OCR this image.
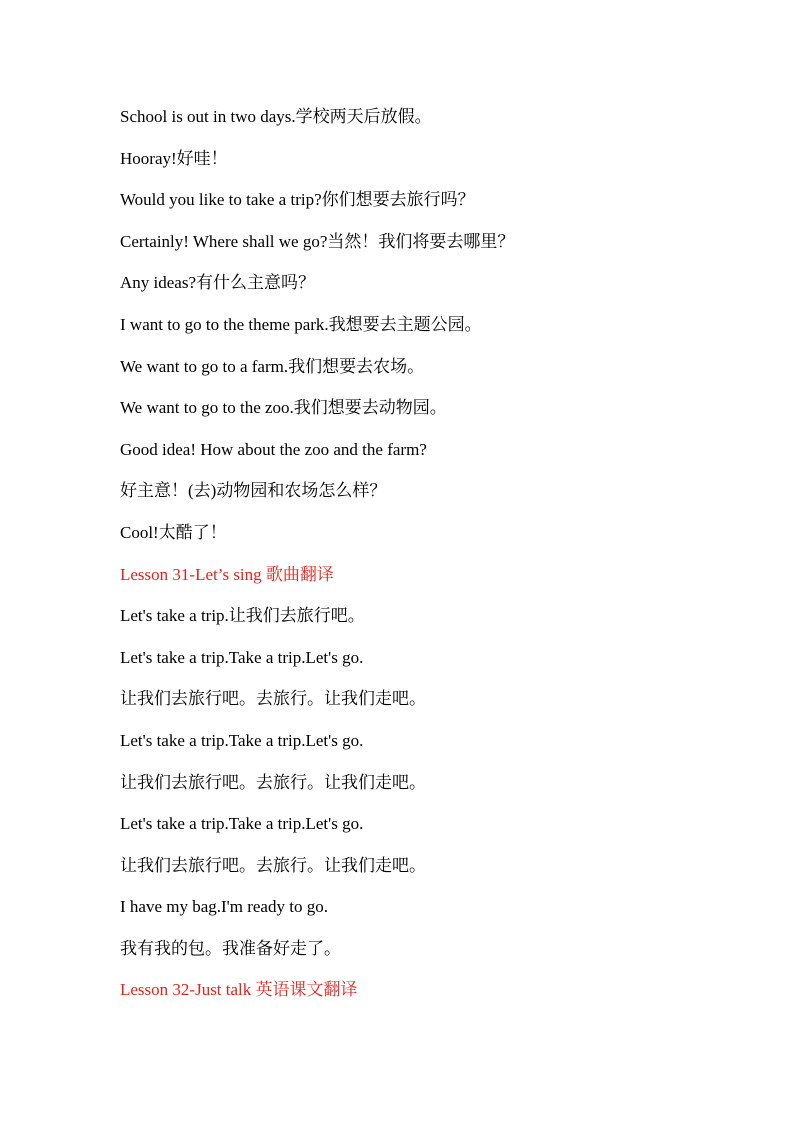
School is out in two days.学校两天后放假。
Hooray!好哇！
Would you like to take a trip?你们想要去旅行吗？
Certainly! Where shall we go?当然！我们将要去哪里？
Any ideas?有什么主意吗？
I want to go to the theme park.我想要去主题公园。
We want to go to a farm.我们想要去农场。
We want to go to the zoo.我们想要去动物园。
Good idea! How about the zoo and the farm?
好主意！(去)动物园和农场怎么样？
Cool!太酷了！
Lesson 31-Let’s sing 歌曲翻译
Let's take a trip.让我们去旅行吧。
Let's take a trip.Take a trip.Let's go.
让我们去旅行吧。去旅行。让我们走吧。
Let's take a trip.Take a trip.Let's go.
让我们去旅行吧。去旅行。让我们走吧。
Let's take a trip.Take a trip.Let's go.
让我们去旅行吧。去旅行。让我们走吧。
I have my bag.I'm ready to go.
我有我的包。我准备好走了。
Lesson 32-Just talk 英语课文翻译
